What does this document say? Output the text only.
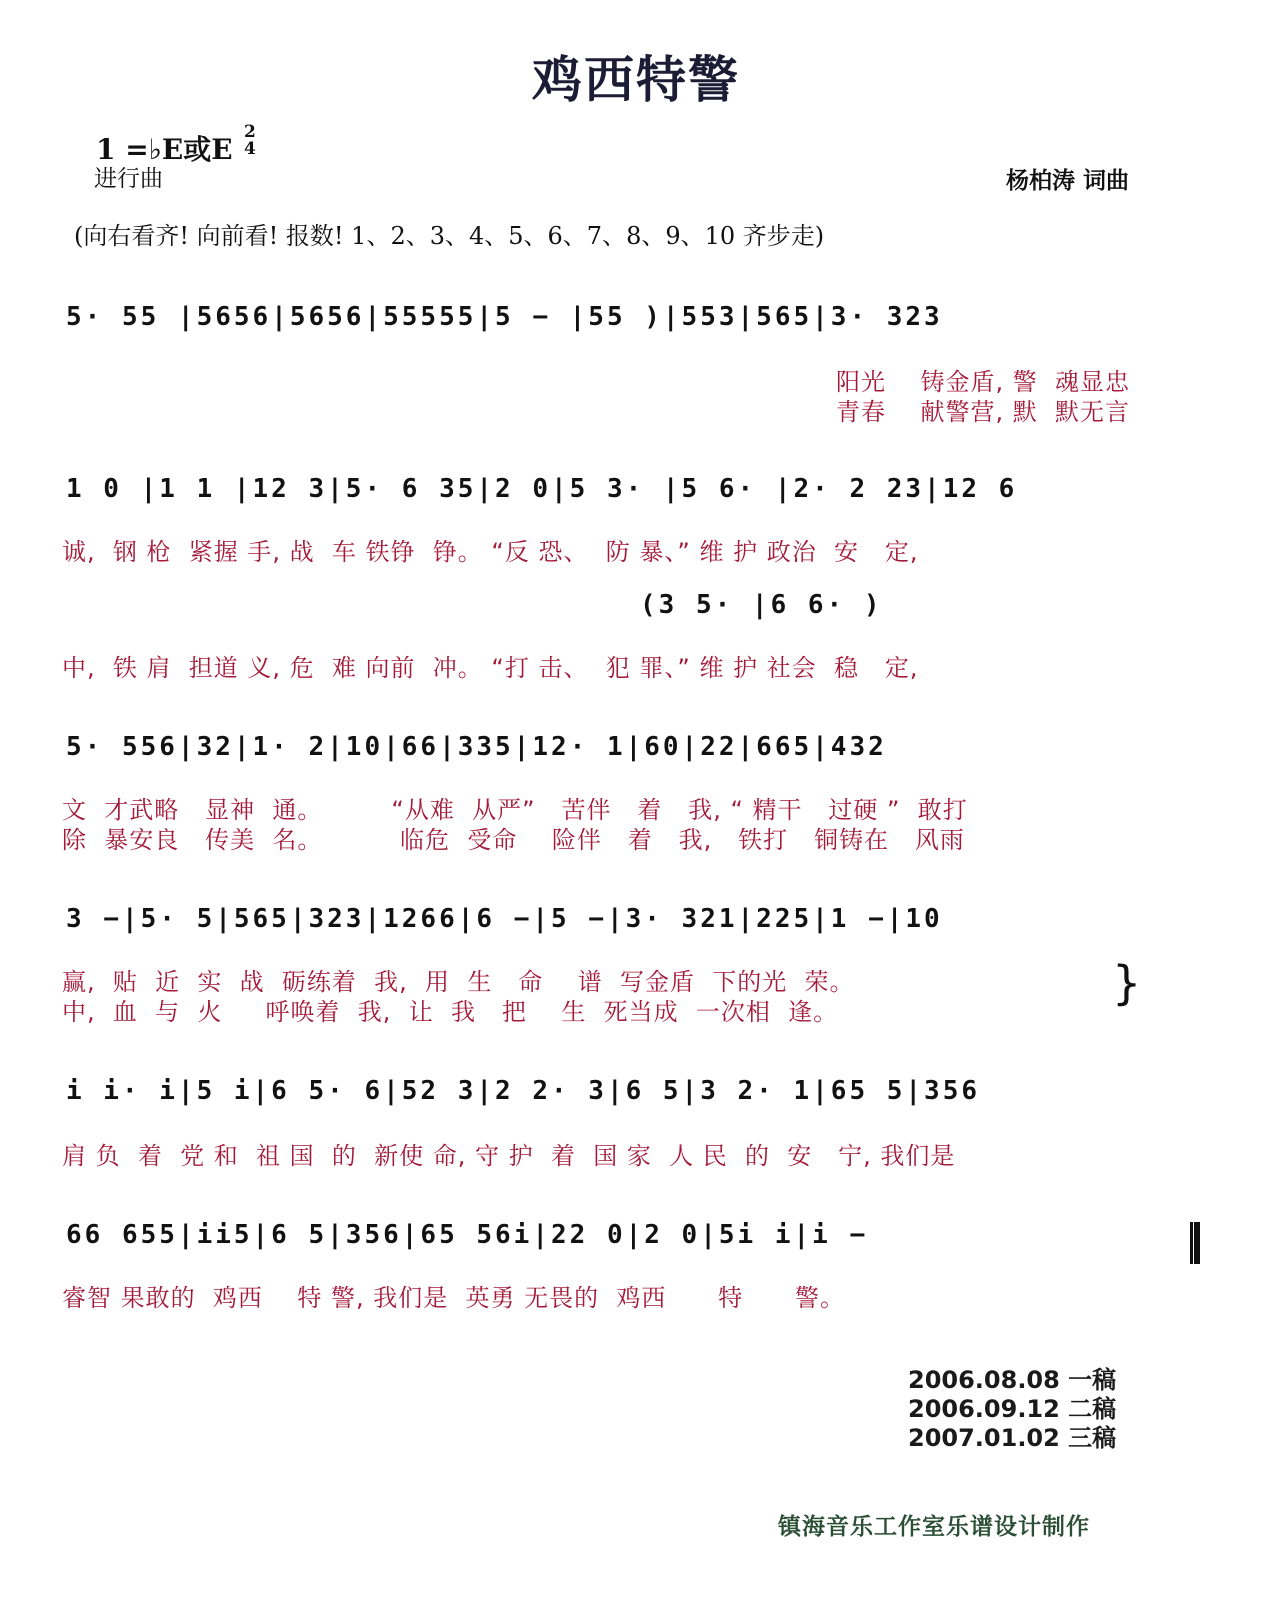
鸡西特警
1 =♭E或E
2
4
进行曲	杨柏涛 词曲
(向右看齐! 向前看! 报数! 1、2、3、4、5、6、7、8、9、10 齐步走)
5· 55 |5656|5656|55555|5 − |55 )|553|565|3· 323
阳光    铸金盾, 警  魂显忠
青春    献警营, 默  默无言
1 0 |1 1 |12 3|5· 6 35|2 0|5 3· |5 6· |2· 2 23|12 6
诚,  钢 枪  紧握 手, 战  车 铁铮  铮。 “反 恐、  防 暴、” 维 护 政治  安   定,
(3 5· |6 6· )
中,  铁 肩  担道 义, 危  难 向前  冲。 “打 击、  犯 罪、” 维 护 社会  稳   定,
5· 556|32|1· 2|10|66|335|12· 1|60|22|665|432
文  才武略   显神  通。        “从难  从严”   苦伴   着   我, “ 精干   过硬 ”  敢打
除  暴安良   传美  名。         临危  受命    险伴   着   我,   铁打   铜铸在   风雨
3 −|5· 5|565|323|1266|6 −|5 −|3· 321|225|1 −|10
赢,  贴  近  实  战  砺练着  我,  用  生   命    谱  写金盾  下的光  荣。
中,  血  与  火     呼唤着  我,  让  我   把    生  死当成  一次相  逢。
}
i i· i|5 i|6 5· 6|52 3|2 2· 3|6 5|3 2· 1|65 5|356
肩 负  着  党 和  祖 国  的  新使 命, 守 护  着  国 家  人 民  的  安   宁, 我们是
66 655|ii5|6 5|356|65 56i|22 0|2 0|5i i|i −
睿智 果敢的  鸡西    特 警, 我们是  英勇 无畏的  鸡西      特      警。
2006.08.08 一稿
2006.09.12 二稿
2007.01.02 三稿
镇海音乐工作室乐谱设计制作
